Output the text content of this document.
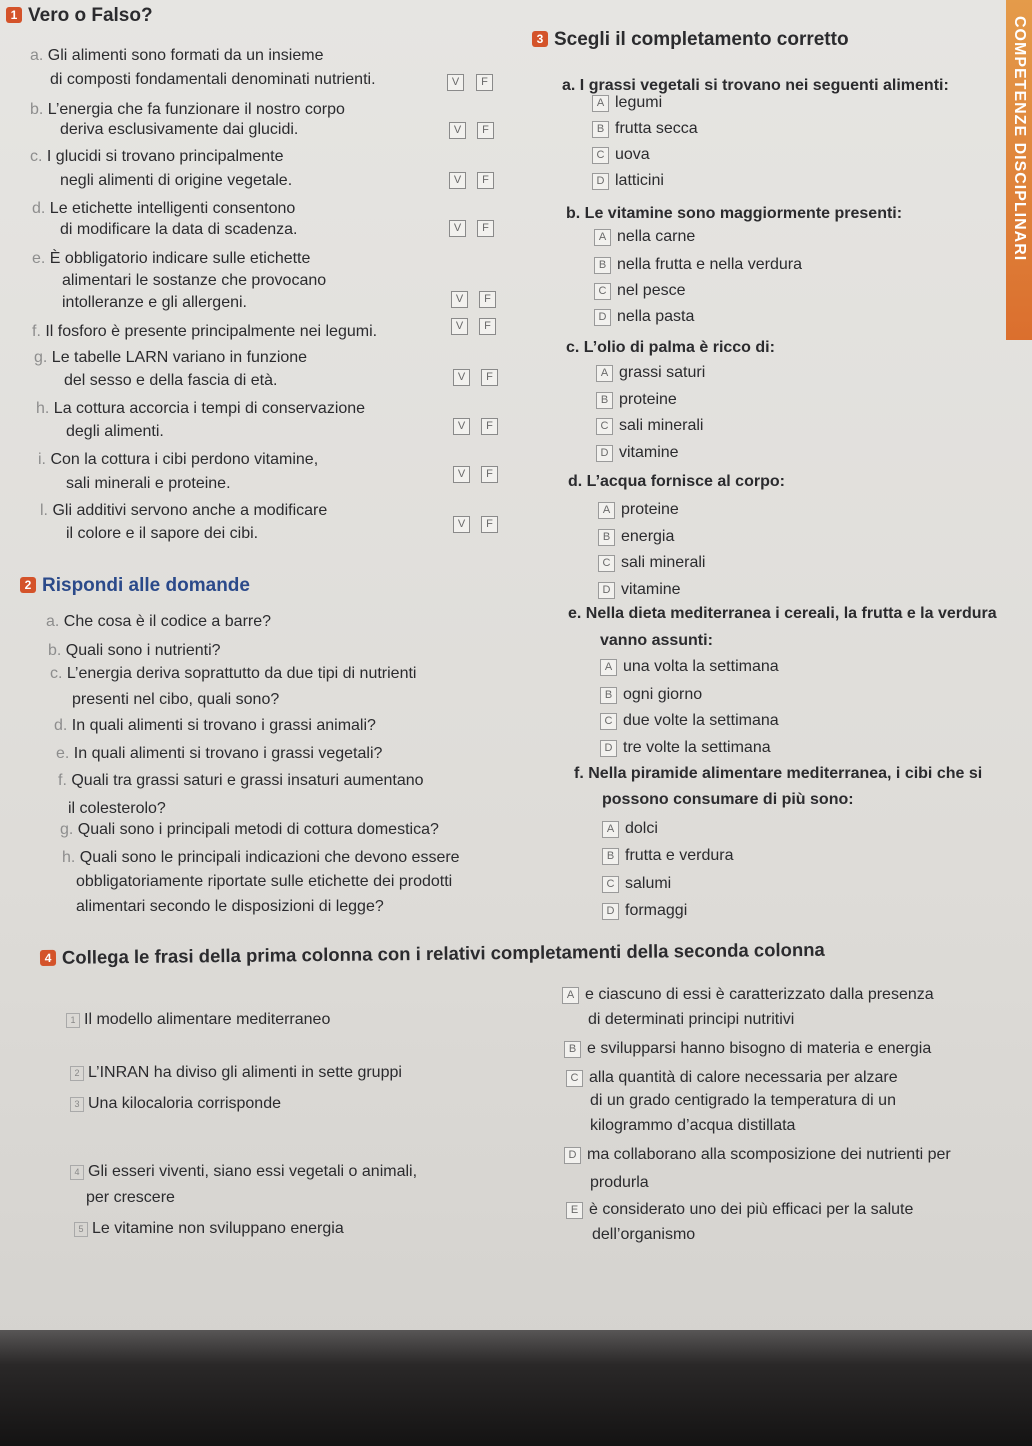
COMPETENZE DISCIPLINARI
1 Vero o Falso?
a. Gli alimenti sono formati da un insieme
di composti fondamentali denominati nutrienti.	V	F
b. L’energia che fa funzionare il nostro corpo
deriva esclusivamente dai glucidi.	V	F
c. I glucidi si trovano principalmente
negli alimenti di origine vegetale.	V	F
d. Le etichette intelligenti consentono
di modificare la data di scadenza.	V	F
e. È obbligatorio indicare sulle etichette
alimentari le sostanze che provocano
intolleranze e gli allergeni.	V	F
f. Il fosforo è presente principalmente nei legumi.	V	F
g. Le tabelle LARN variano in funzione
del sesso e della fascia di età.	V	F
h. La cottura accorcia i tempi di conservazione
degli alimenti.	V	F
i. Con la cottura i cibi perdono vitamine,
sali minerali e proteine.
V	F
l. Gli additivi servono anche a modificare
il colore e il sapore dei cibi.
V	F
2 Rispondi alle domande
a. Che cosa è il codice a barre?
b. Quali sono i nutrienti?
c. L’energia deriva soprattutto da due tipi di nutrienti
presenti nel cibo, quali sono?
d. In quali alimenti si trovano i grassi animali?
e. In quali alimenti si trovano i grassi vegetali?
f. Quali tra grassi saturi e grassi insaturi aumentano
il colesterolo?
g. Quali sono i principali metodi di cottura domestica?
h. Quali sono le principali indicazioni che devono essere
obbligatoriamente riportate sulle etichette dei prodotti
alimentari secondo le disposizioni di legge?
3 Scegli il completamento corretto
a. I grassi vegetali si trovano nei seguenti alimenti:
A legumi
B frutta secca
C uova
D latticini
b. Le vitamine sono maggiormente presenti:
A nella carne
B nella frutta e nella verdura
C nel pesce
D nella pasta
c. L’olio di palma è ricco di:
A grassi saturi
B proteine
C sali minerali
D vitamine
d. L’acqua fornisce al corpo:
A proteine
B energia
C sali minerali
D vitamine
e. Nella dieta mediterranea i cereali, la frutta e la verdura
vanno assunti:
A una volta la settimana
B ogni giorno
C due volte la settimana
D tre volte la settimana
f. Nella piramide alimentare mediterranea, i cibi che si
possono consumare di più sono:
A dolci
B frutta e verdura
C salumi
D formaggi
4 Collega le frasi della prima colonna con i relativi completamenti della seconda colonna
1 Il modello alimentare mediterraneo
2 L’INRAN ha diviso gli alimenti in sette gruppi
3 Una kilocaloria corrisponde
4 Gli esseri viventi, siano essi vegetali o animali,
per crescere
5 Le vitamine non sviluppano energia
A e ciascuno di essi è caratterizzato dalla presenza
di determinati principi nutritivi
B e svilupparsi hanno bisogno di materia e energia
C alla quantità di calore necessaria per alzare
di un grado centigrado la temperatura di un
kilogrammo d’acqua distillata
D ma collaborano alla scomposizione dei nutrienti per
produrla
E è considerato uno dei più efficaci per la salute
dell’organismo
